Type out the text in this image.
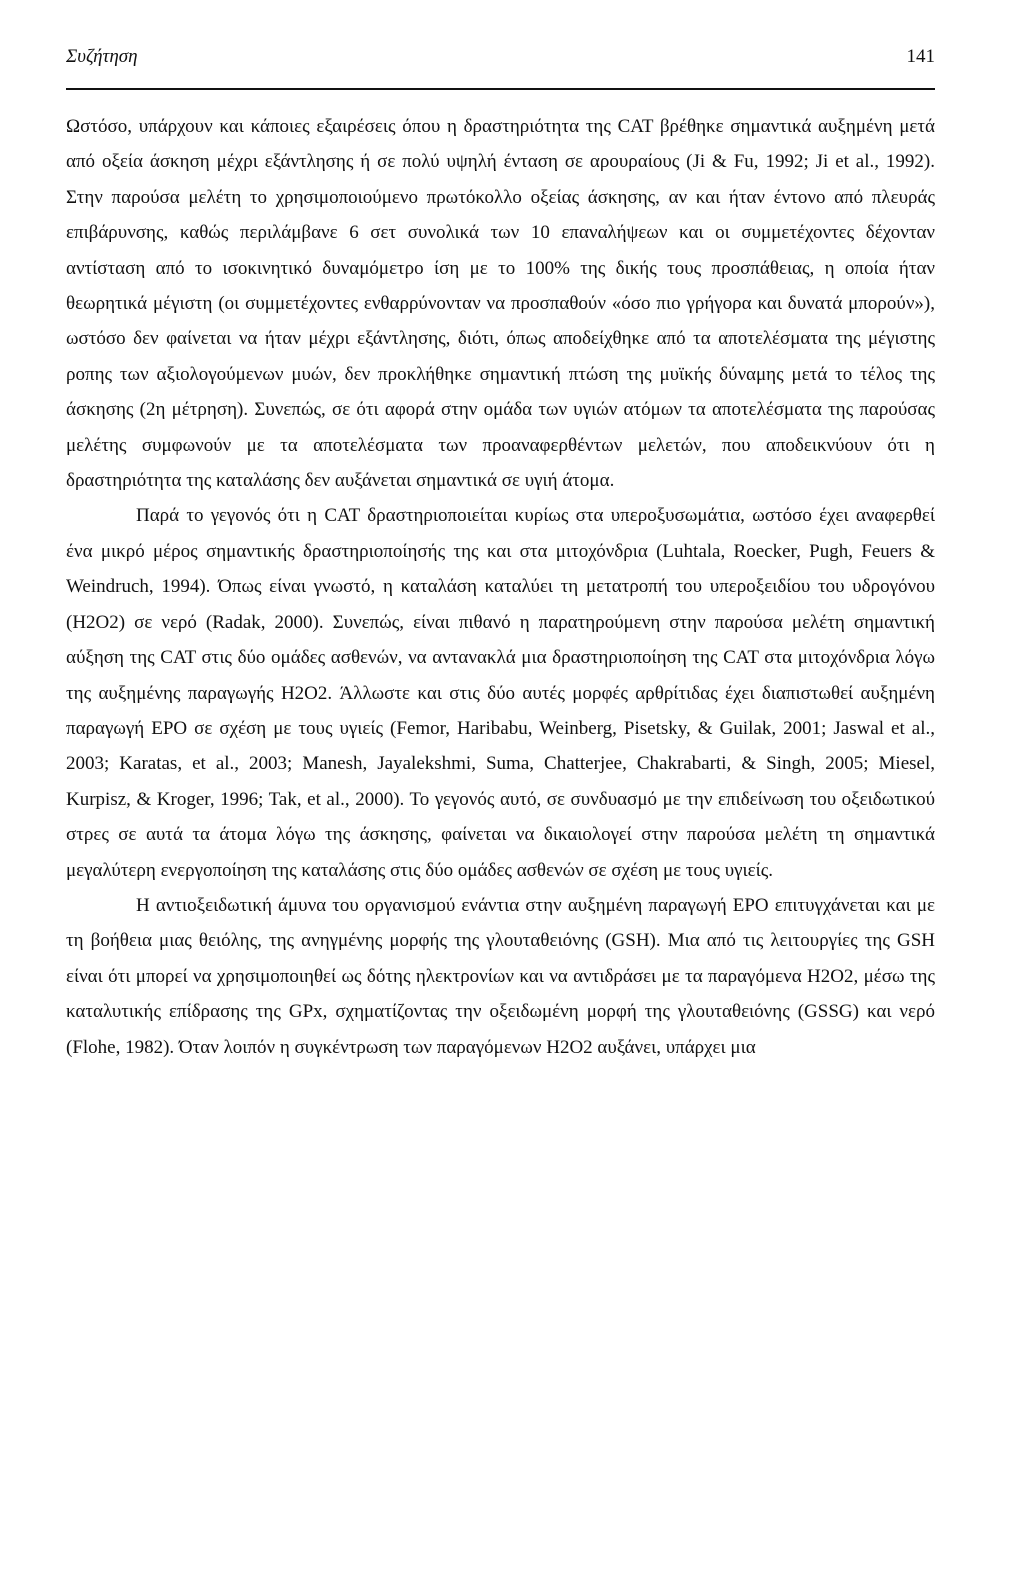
Συζήτηση	141

Ωστόσο, υπάρχουν και κάποιες εξαιρέσεις όπου η δραστηριότητα της CAT βρέθηκε σημαντικά αυξημένη μετά από οξεία άσκηση μέχρι εξάντλησης ή σε πολύ υψηλή ένταση σε αρουραίους (Ji & Fu, 1992; Ji et al., 1992). Στην παρούσα μελέτη το χρησιμοποιούμενο πρωτόκολλο οξείας άσκησης, αν και ήταν έντονο από πλευράς επιβάρυνσης, καθώς περιλάμβανε 6 σετ συνολικά των 10 επαναλήψεων και οι συμμετέχοντες δέχονταν αντίσταση από το ισοκινητικό δυναμόμετρο ίση με το 100% της δικής τους προσπάθειας, η οποία ήταν θεωρητικά μέγιστη (οι συμμετέχοντες ενθαρρύνονταν να προσπαθούν «όσο πιο γρήγορα και δυνατά μπορούν»), ωστόσο δεν φαίνεται να ήταν μέχρι εξάντλησης, διότι, όπως αποδείχθηκε από τα αποτελέσματα της μέγιστης ροπης των αξιολογούμενων μυών, δεν προκλήθηκε σημαντική πτώση της μυϊκής δύναμης μετά το τέλος της άσκησης (2η μέτρηση). Συνεπώς, σε ότι αφορά στην ομάδα των υγιών ατόμων τα αποτελέσματα της παρούσας μελέτης συμφωνούν με τα αποτελέσματα των προαναφερθέντων μελετών, που αποδεικνύουν ότι η δραστηριότητα της καταλάσης δεν αυξάνεται σημαντικά σε υγιή άτομα.

Παρά το γεγονός ότι η CAT δραστηριοποιείται κυρίως στα υπεροξυσωμάτια, ωστόσο έχει αναφερθεί ένα μικρό μέρος σημαντικής δραστηριοποίησής της και στα μιτοχόνδρια (Luhtala, Roecker, Pugh, Feuers & Weindruch, 1994). Όπως είναι γνωστό, η καταλάση καταλύει τη μετατροπή του υπεροξειδίου του υδρογόνου (H2O2) σε νερό (Radak, 2000). Συνεπώς, είναι πιθανό η παρατηρούμενη στην παρούσα μελέτη σημαντική αύξηση της CAT στις δύο ομάδες ασθενών, να αντανακλά μια δραστηριοποίηση της CAT στα μιτοχόνδρια λόγω της αυξημένης παραγωγής H2O2. Άλλωστε και στις δύο αυτές μορφές αρθρίτιδας έχει διαπιστωθεί αυξημένη παραγωγή ΕΡΟ σε σχέση με τους υγιείς (Femor, Haribabu, Weinberg, Pisetsky, & Guilak, 2001; Jaswal et al., 2003; Karatas, et al., 2003; Manesh, Jayalekshmi, Suma, Chatterjee, Chakrabarti, & Singh, 2005; Miesel, Kurpisz, & Kroger, 1996; Tak, et al., 2000). Το γεγονός αυτό, σε συνδυασμό με την επιδείνωση του οξειδωτικού στρες σε αυτά τα άτομα λόγω της άσκησης, φαίνεται να δικαιολογεί στην παρούσα μελέτη τη σημαντικά μεγαλύτερη ενεργοποίηση της καταλάσης στις δύο ομάδες ασθενών σε σχέση με τους υγιείς.

Η αντιοξειδωτική άμυνα του οργανισμού ενάντια στην αυξημένη παραγωγή ΕΡΟ επιτυγχάνεται και με τη βοήθεια μιας θειόλης, της ανηγμένης μορφής της γλουταθειόνης (GSH). Μια από τις λειτουργίες της GSH είναι ότι μπορεί να χρησιμοποιηθεί ως δότης ηλεκτρονίων και να αντιδράσει με τα παραγόμενα H2O2, μέσω της καταλυτικής επίδρασης της GPx, σχηματίζοντας την οξειδωμένη μορφή της γλουταθειόνης (GSSG) και νερό (Flohe, 1982). Όταν λοιπόν η συγκέντρωση των παραγόμενων H2O2 αυξάνει, υπάρχει μια
